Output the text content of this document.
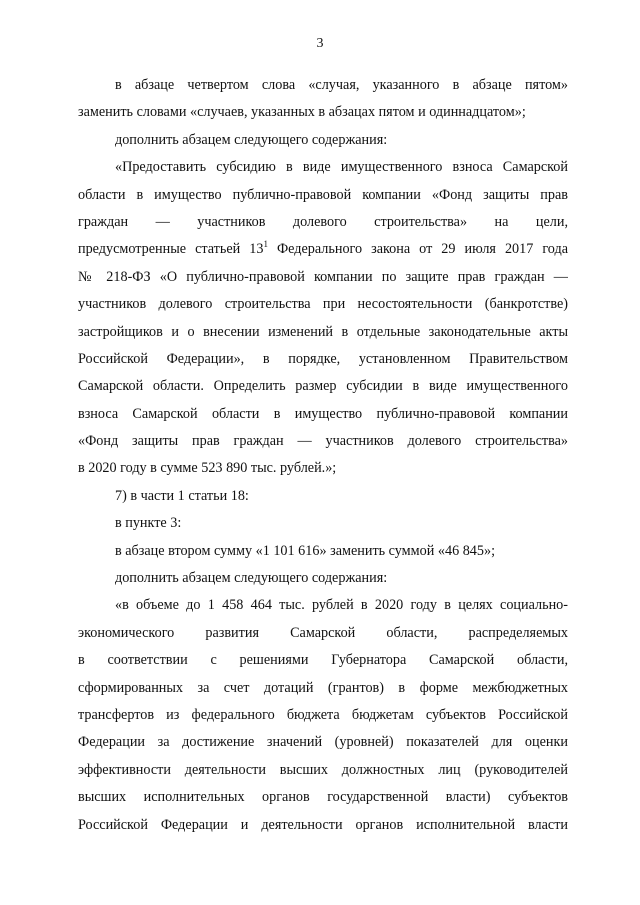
3
в абзаце четвертом слова «случая, указанного в абзаце пятом»
заменить словами «случаев, указанных в абзацах пятом и одиннадцатом»;
дополнить абзацем следующего содержания:
«Предоставить субсидию в виде имущественного взноса Самарской
области в имущество публично-правовой компании «Фонд защиты прав
граждан — участников долевого строительства» на цели,
предусмотренные статьей $13^1$ Федерального закона от 29 июля 2017 года
№ 218-ФЗ «О публично-правовой компании по защите прав граждан —
участников долевого строительства при несостоятельности (банкротстве)
застройщиков и о внесении изменений в отдельные законодательные акты
Российской Федерации», в порядке, установленном Правительством
Самарской области. Определить размер субсидии в виде имущественного
взноса Самарской области в имущество публично-правовой компании
«Фонд защиты прав граждан — участников долевого строительства»
в 2020 году в сумме 523 890 тыс. рублей.»;
7) в части 1 статьи 18:
в пункте 3:
в абзаце втором сумму «1 101 616» заменить суммой «46 845»;
дополнить абзацем следующего содержания:
«в объеме до 1 458 464 тыс. рублей в 2020 году в целях социально-
экономического развития Самарской области, распределяемых
в соответствии с решениями Губернатора Самарской области,
сформированных за счет дотаций (грантов) в форме межбюджетных
трансфертов из федерального бюджета бюджетам субъектов Российской
Федерации за достижение значений (уровней) показателей для оценки
эффективности деятельности высших должностных лиц (руководителей
высших исполнительных органов государственной власти) субъектов
Российской Федерации и деятельности органов исполнительной власти
